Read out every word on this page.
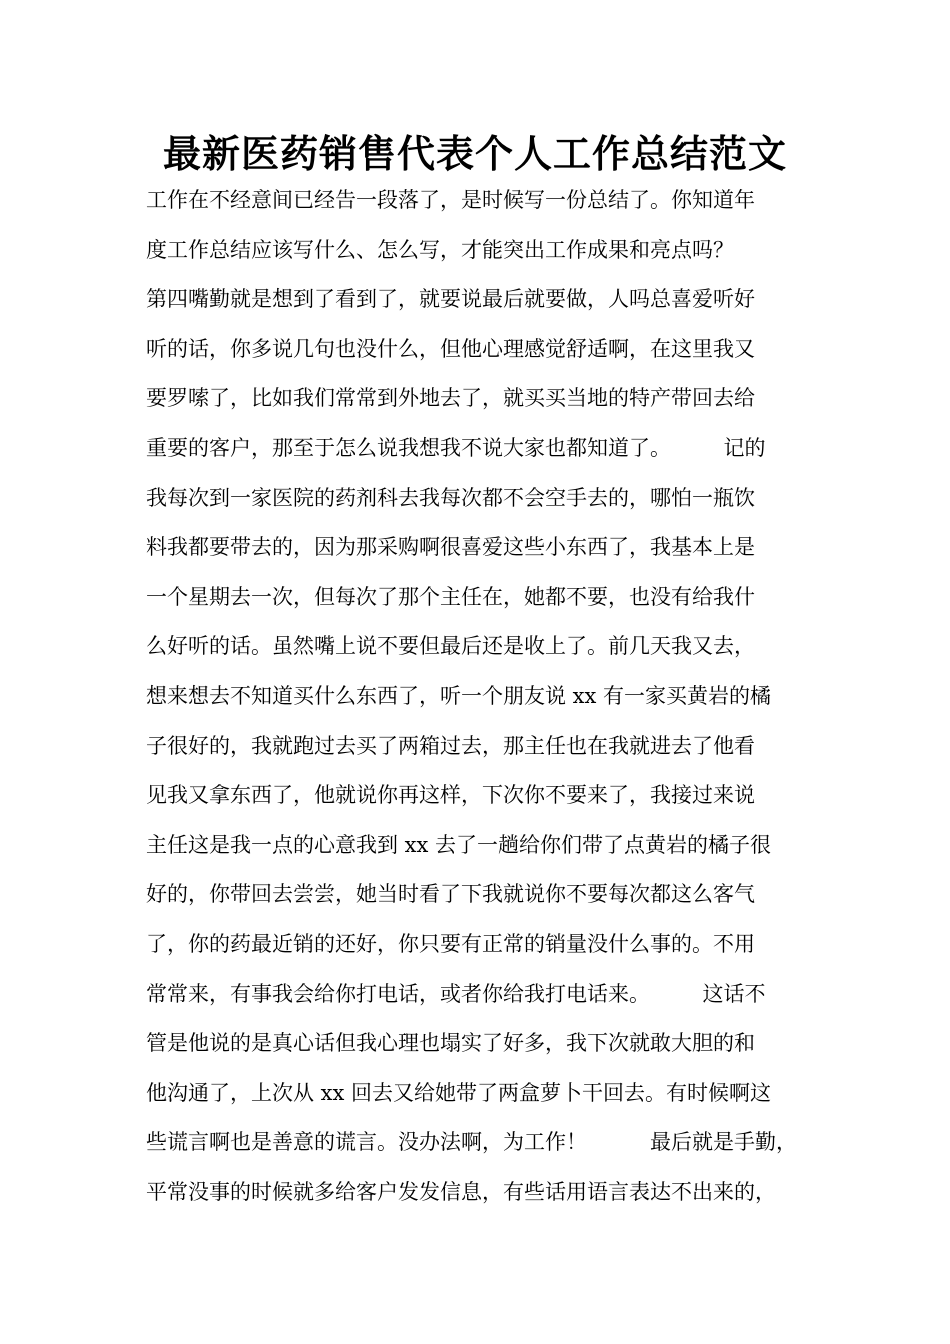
最新医药销售代表个人工作总结范文
工作在不经意间已经告一段落了，是时候写一份总结了。你知道年
度工作总结应该写什么、怎么写，才能突出工作成果和亮点吗？
第四嘴勤就是想到了看到了，就要说最后就要做，人吗总喜爱听好
听的话，你多说几句也没什么，但他心理感觉舒适啊，在这里我又
要罗嗦了，比如我们常常到外地去了，就买买当地的特产带回去给
重要的客户，那至于怎么说我想我不说大家也都知道了。　　　记的
我每次到一家医院的药剂科去我每次都不会空手去的，哪怕一瓶饮
料我都要带去的，因为那采购啊很喜爱这些小东西了，我基本上是
一个星期去一次，但每次了那个主任在，她都不要，也没有给我什
么好听的话。虽然嘴上说不要但最后还是收上了。前几天我又去，
想来想去不知道买什么东西了，听一个朋友说 xx 有一家买黄岩的橘
子很好的，我就跑过去买了两箱过去，那主任也在我就进去了他看
见我又拿东西了，他就说你再这样，下次你不要来了，我接过来说
主任这是我一点的心意我到 xx 去了一趟给你们带了点黄岩的橘子很
好的，你带回去尝尝，她当时看了下我就说你不要每次都这么客气
了，你的药最近销的还好，你只要有正常的销量没什么事的。不用
常常来，有事我会给你打电话，或者你给我打电话来。　　　这话不
管是他说的是真心话但我心理也塌实了好多，我下次就敢大胆的和
他沟通了，上次从 xx 回去又给她带了两盒萝卜干回去。有时候啊这
些谎言啊也是善意的谎言。没办法啊，为工作！　　　最后就是手勤，
平常没事的时候就多给客户发发信息，有些话用语言表达不出来的，
